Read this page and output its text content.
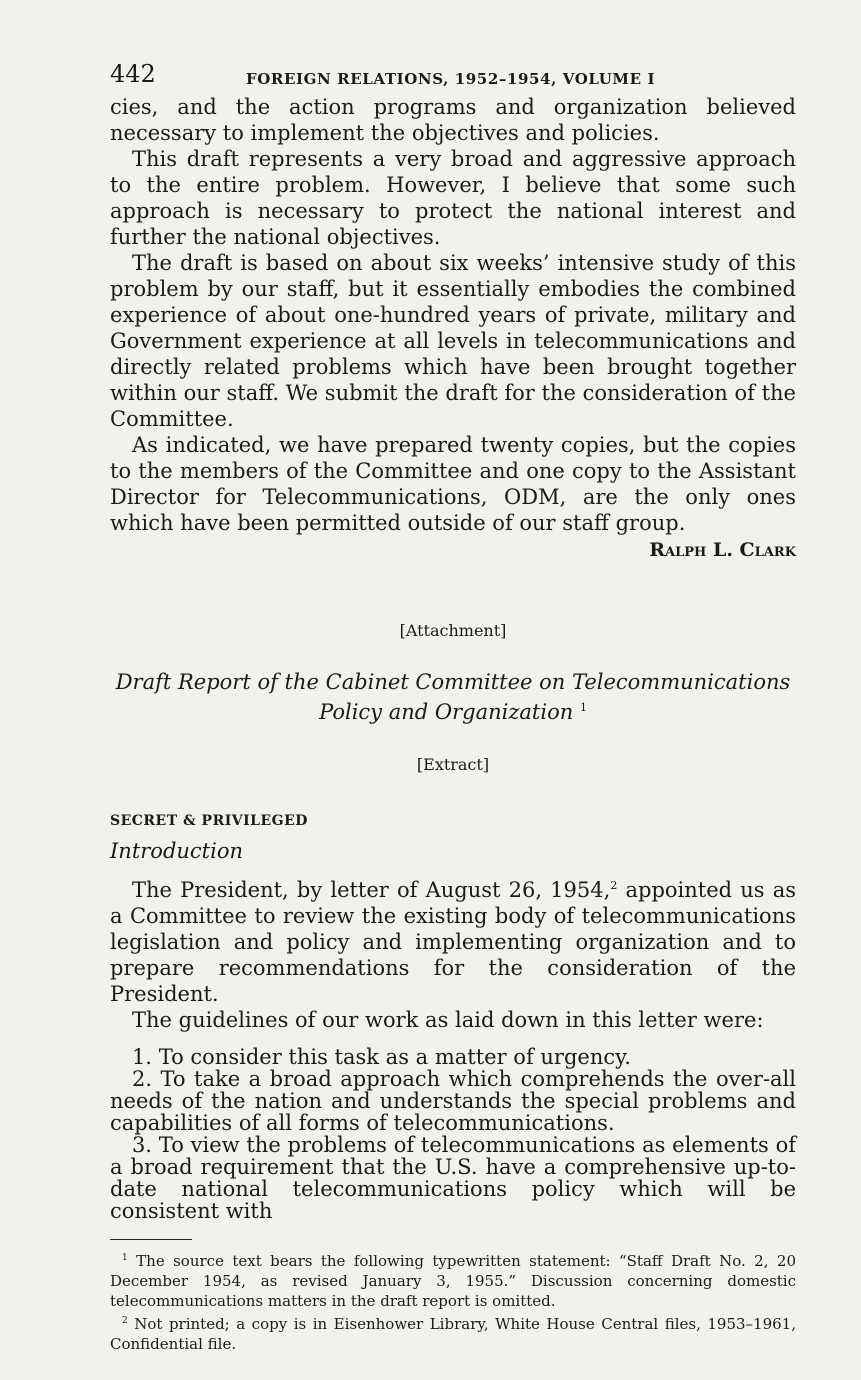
442	FOREIGN RELATIONS, 1952–1954, VOLUME I

cies, and the action programs and organization believed necessary to implement the objectives and policies.

This draft represents a very broad and aggressive approach to the entire problem. However, I believe that some such approach is necessary to protect the national interest and further the national objectives.

The draft is based on about six weeks’ intensive study of this problem by our staff, but it essentially embodies the combined experience of about one-hundred years of private, military and Government experience at all levels in telecommunications and directly related problems which have been brought together within our staff. We submit the draft for the consideration of the Committee.

As indicated, we have prepared twenty copies, but the copies to the members of the Committee and one copy to the Assistant Director for Telecommunications, ODM, are the only ones which have been permitted outside of our staff group.

Ralph L. Clark
[Attachment]
Draft Report of the Cabinet Committee on Telecommunications
Policy and Organization $^1$
[Extract]
SECRET & PRIVILEGED
Introduction

The President, by letter of August 26, 1954,$^2$ appointed us as a Committee to review the existing body of telecommunications legislation and policy and implementing organization and to prepare recommendations for the consideration of the President.

The guidelines of our work as laid down in this letter were:

1. To consider this task as a matter of urgency.

2. To take a broad approach which comprehends the over-all needs of the nation and understands the special problems and capabilities of all forms of telecommunications.

3. To view the problems of telecommunications as elements of a broad requirement that the U.S. have a comprehensive up-to-date national telecommunications policy which will be consistent with

$^1$ The source text bears the following typewritten statement: “Staff Draft No. 2, 20 December 1954, as revised January 3, 1955.” Discussion concerning domestic telecommunications matters in the draft report is omitted.

$^2$ Not printed; a copy is in Eisenhower Library, White House Central files, 1953–1961, Confidential file.
